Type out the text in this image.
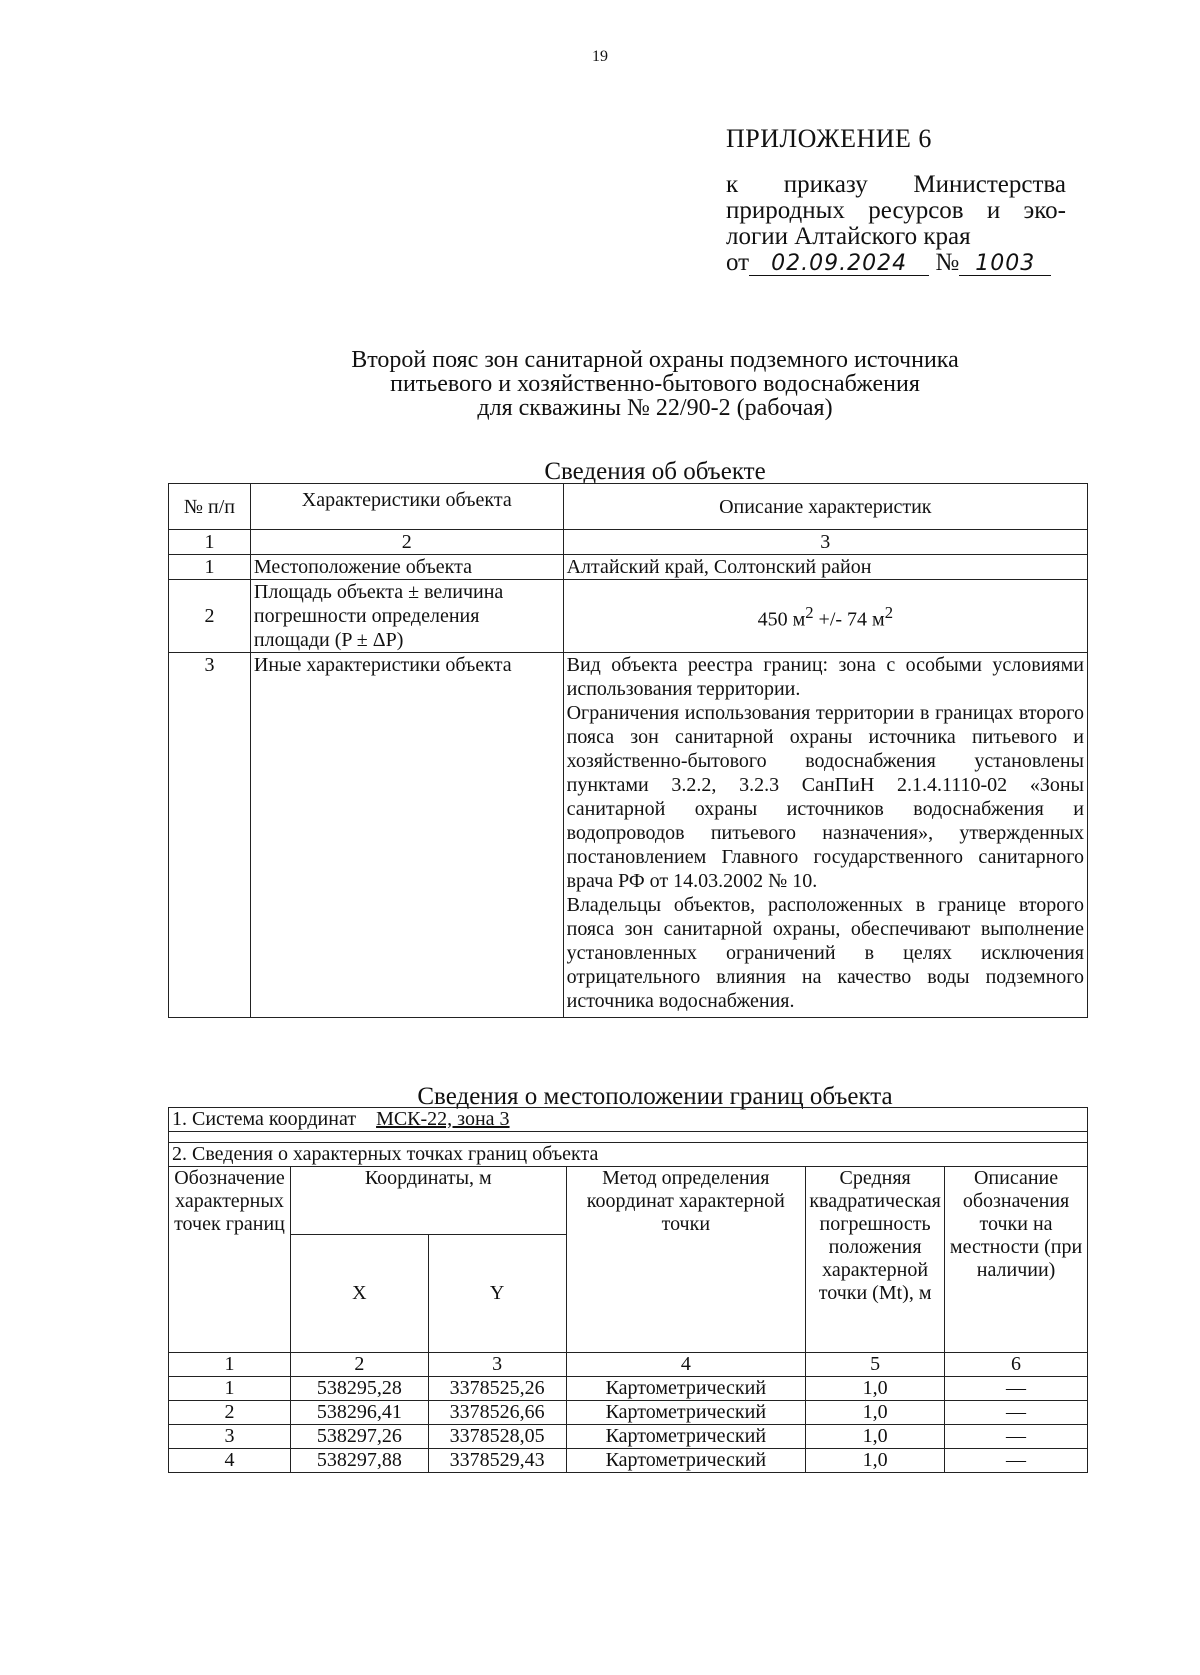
19
ПРИЛОЖЕНИЕ 6
к приказу Министерства
природных ресурсов и эко-
логии Алтайского края
от 02.09.2024 № 1003
Второй пояс зон санитарной охраны подземного источника
питьевого и хозяйственно-бытового водоснабжения
для скважины № 22/90-2 (рабочая)
Сведения об объекте
№ п/п	Характеристики объекта	Описание характеристик
1	2	3
1	Местоположение объекта	Алтайский край, Солтонский район
2	Площадь объекта ± величина погрешности определения площади (P ± ΔP)	450 $м^2$ +/- 74 $м^2$
3	Иные характеристики объекта	Вид объекта реестра границ: зона с особыми условиями использования территории.
Ограничения использования территории в границах второго пояса зон санитарной охраны источника питьевого и хозяйственно-бытового водоснабжения установлены пунктами 3.2.2, 3.2.3 СанПиН 2.1.4.1110-02 «Зоны санитарной охраны источников водоснабжения и водопроводов питьевого назначения», утвержденных постановлением Главного государственного санитарного врача РФ от 14.03.2002 № 10.
Владельцы объектов, расположенных в границе второго пояса зон санитарной охраны, обеспечивают выполнение установленных ограничений в целях исключения отрицательного влияния на качество воды подземного источника водоснабжения.
Сведения о местоположении границ объекта
1. Система координат МСК-22, зона 3					

2. Сведения о характерных точках границ объекта					
Обозначение характерных точек границ	Координаты, м		Метод определения координат характерной точки	Средняя квадратическая погрешность положения характерной точки (Mt), м	Описание обозначения точки на местности (при наличии)
	X	Y			
1	2	3	4	5	6
1	538295,28	3378525,26	Картометрический	1,0	—
2	538296,41	3378526,66	Картометрический	1,0	—
3	538297,26	3378528,05	Картометрический	1,0	—
4	538297,88	3378529,43	Картометрический	1,0	—
